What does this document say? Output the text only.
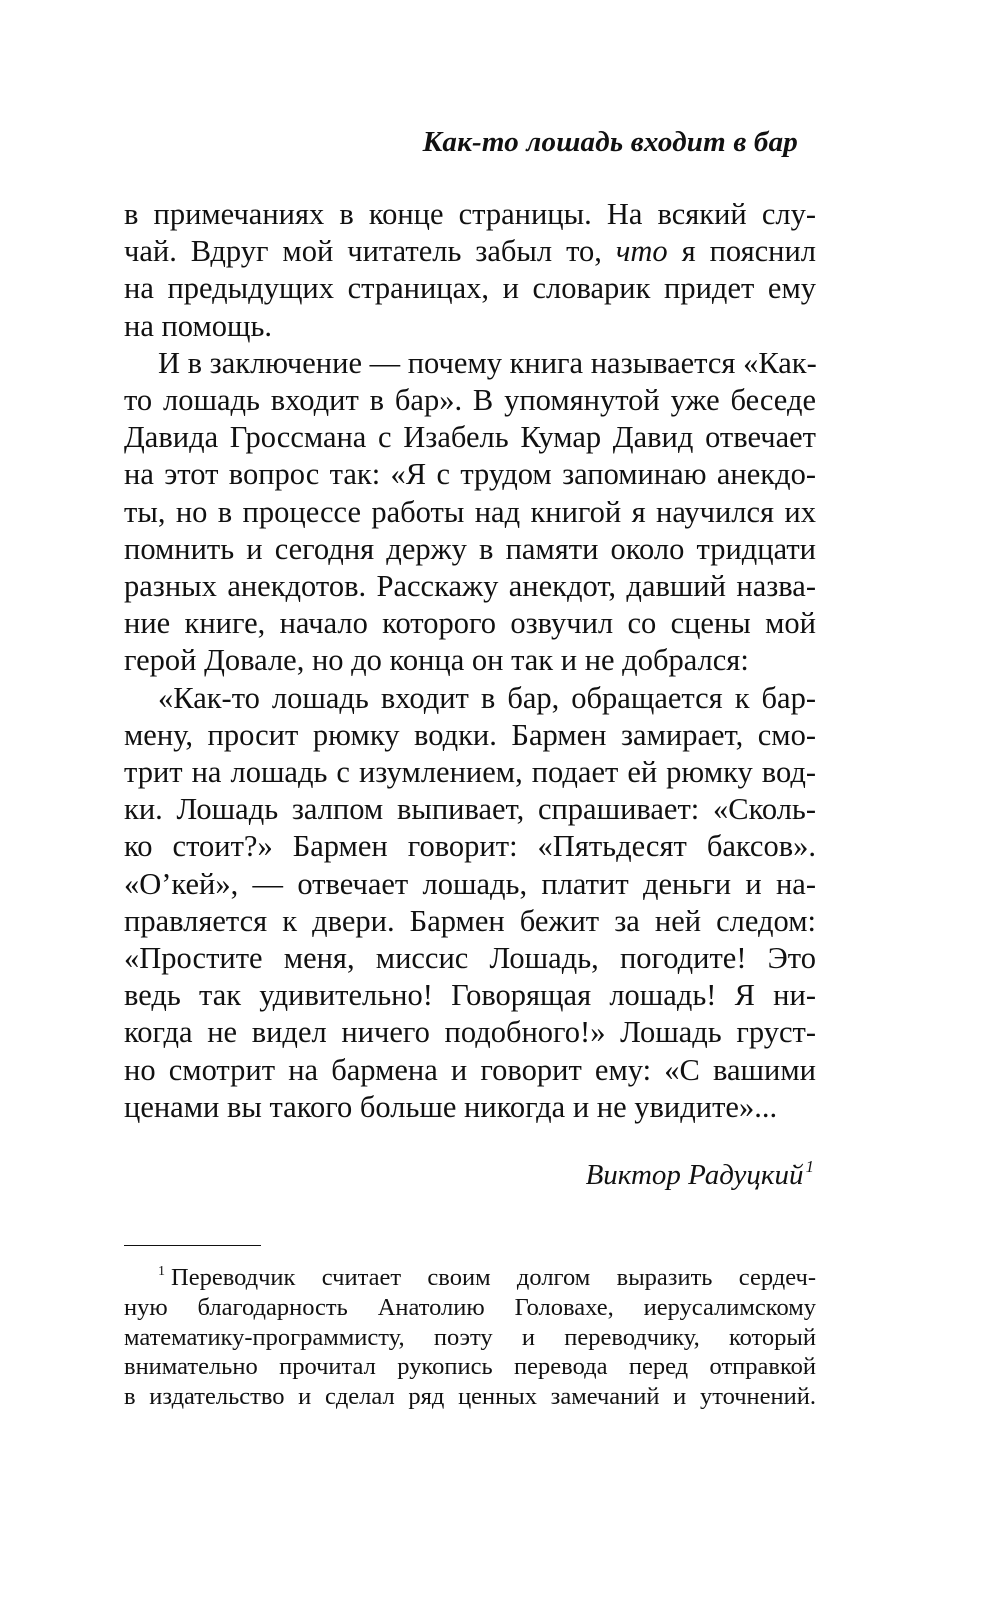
Как-то лошадь входит в бар
в примечаниях в конце страницы. На всякий слу-
чай. Вдруг мой читатель забыл то, что я пояснил
на предыдущих страницах, и словарик придет ему
на помощь.
И в заключение — почему книга называется «Как-
то лошадь входит в бар». В упомянутой уже беседе
Давида Гроссмана с Изабель Кумар Давид отвечает
на этот вопрос так: «Я с трудом запоминаю анекдо-
ты, но в процессе работы над книгой я научился их
помнить и сегодня держу в памяти около тридцати
разных анекдотов. Расскажу анекдот, давший назва-
ние книге, начало которого озвучил со сцены мой
герой Довале, но до конца он так и не добрался:
«Как-то лошадь входит в бар, обращается к бар-
мену, просит рюмку водки. Бармен замирает, смо-
трит на лошадь с изумлением, подает ей рюмку вод-
ки. Лошадь залпом выпивает, спрашивает: «Сколь-
ко стоит?» Бармен говорит: «Пятьдесят баксов».
«О’кей», — отвечает лошадь, платит деньги и на-
правляется к двери. Бармен бежит за ней следом:
«Простите меня, миссис Лошадь, погодите! Это
ведь так удивительно! Говорящая лошадь! Я ни-
когда не видел ничего подобного!» Лошадь груст-
но смотрит на бармена и говорит ему: «С вашими
ценами вы такого больше никогда и не увидите»...
Виктор Радуцкий $^1$
$^1$ Переводчик считает своим долгом выразить сердеч-
ную благодарность Анатолию Головахе, иерусалимскому
математику-программисту, поэту и переводчику, который
внимательно прочитал рукопись перевода перед отправкой
в издательство и сделал ряд ценных замечаний и уточнений.
